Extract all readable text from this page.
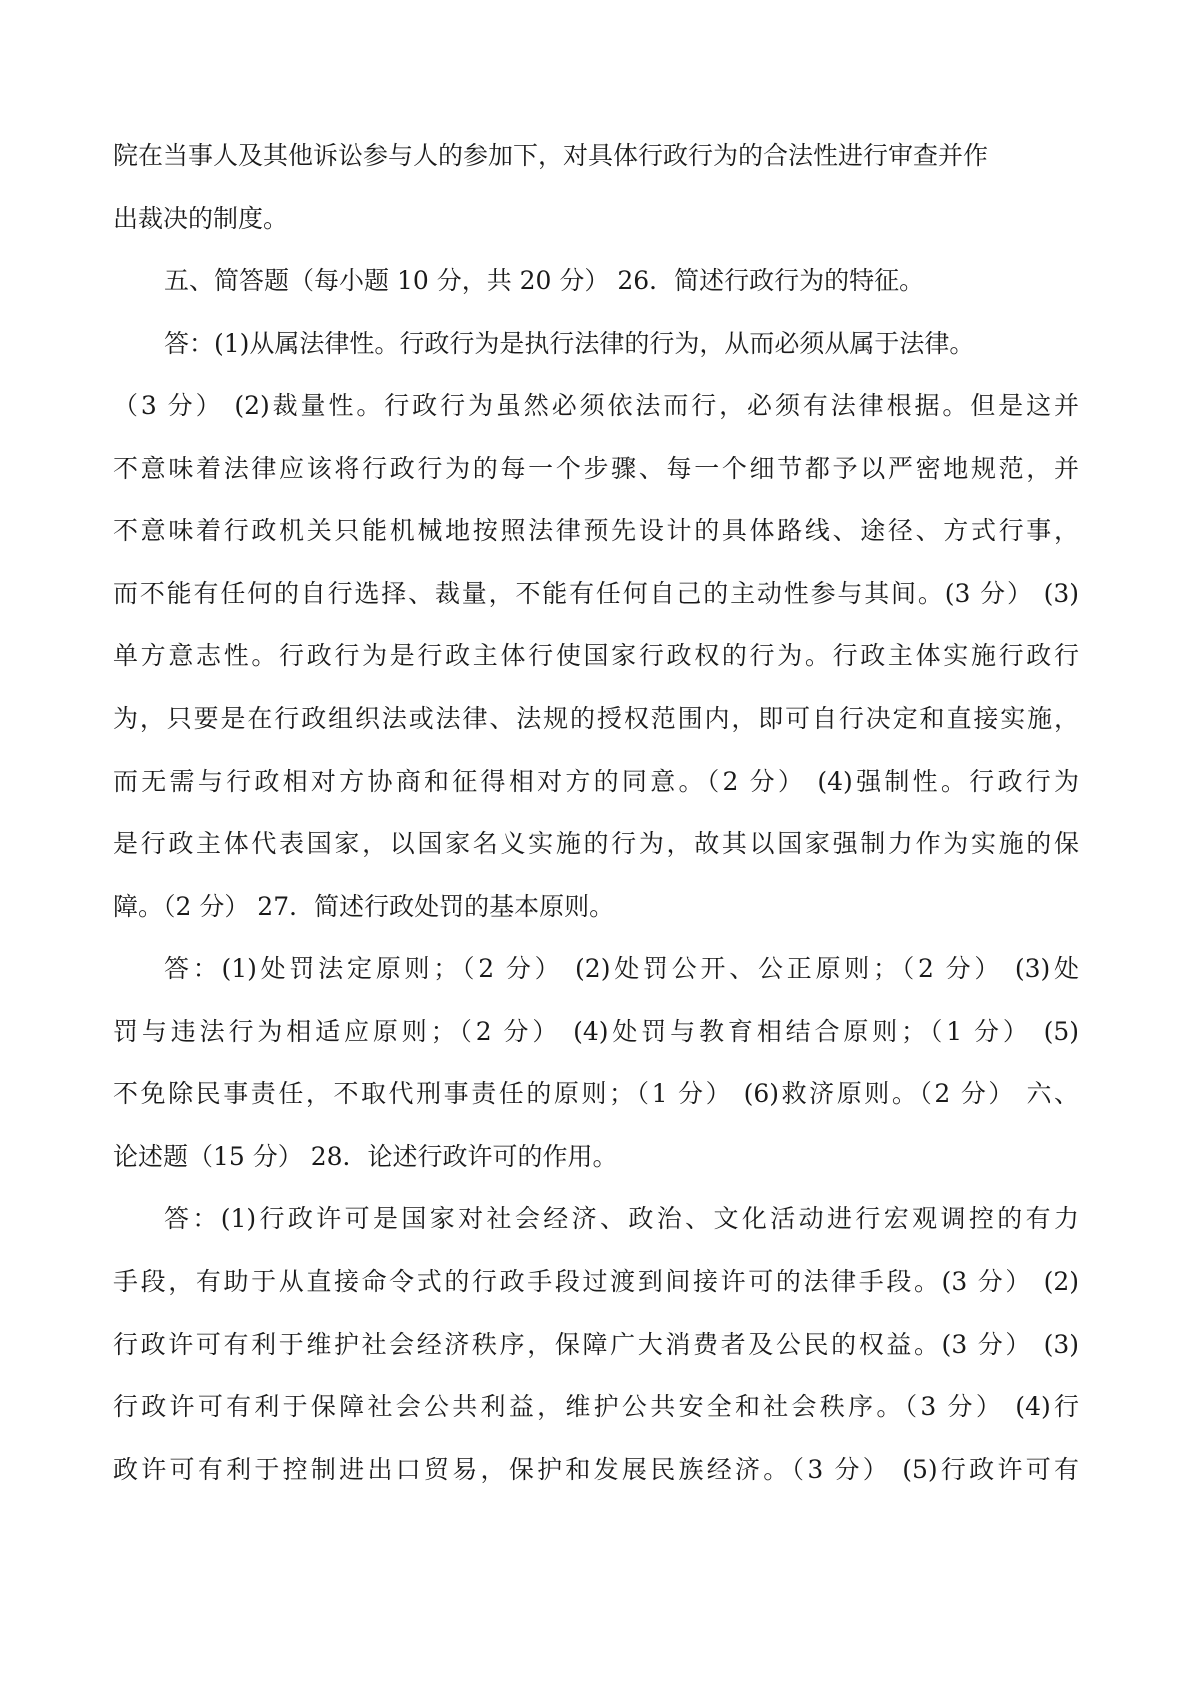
院在当事人及其他诉讼参与人的参加下，对具体行政行为的合法性进行审查并作

出裁决的制度。

五、简答题（每小题 10 分，共 20 分） 26．简述行政行为的特征。

答：(1)从属法律性。行政行为是执行法律的行为，从而必须从属于法律。

（3 分） (2)裁量性。行政行为虽然必须依法而行，必须有法律根据。但是这并

不意味着法律应该将行政行为的每一个步骤、每一个细节都予以严密地规范，并

不意味着行政机关只能机械地按照法律预先设计的具体路线、途径、方式行事，

而不能有任何的自行选择、裁量，不能有任何自己的主动性参与其间。(3 分） (3)

单方意志性。行政行为是行政主体行使国家行政权的行为。行政主体实施行政行

为，只要是在行政组织法或法律、法规的授权范围内，即可自行决定和直接实施，

而无需与行政相对方协商和征得相对方的同意。（2 分） (4)强制性。行政行为

是行政主体代表国家，以国家名义实施的行为，故其以国家强制力作为实施的保

障。（2 分） 27．简述行政处罚的基本原则。

答：(1)处罚法定原则；（2 分） (2)处罚公开、公正原则；（2 分） (3)处

罚与违法行为相适应原则；（2 分） (4)处罚与教育相结合原则；（1 分） (5)

不免除民事责任，不取代刑事责任的原则；（1 分） (6)救济原则。（2 分） 六、

论述题（15 分） 28．论述行政许可的作用。

答：(1)行政许可是国家对社会经济、政治、文化活动进行宏观调控的有力

手段，有助于从直接命令式的行政手段过渡到间接许可的法律手段。(3 分） (2)

行政许可有利于维护社会经济秩序，保障广大消费者及公民的权益。(3 分） (3)

行政许可有利于保障社会公共利益，维护公共安全和社会秩序。（3 分） (4)行

政许可有利于控制进出口贸易，保护和发展民族经济。（3 分） (5)行政许可有
